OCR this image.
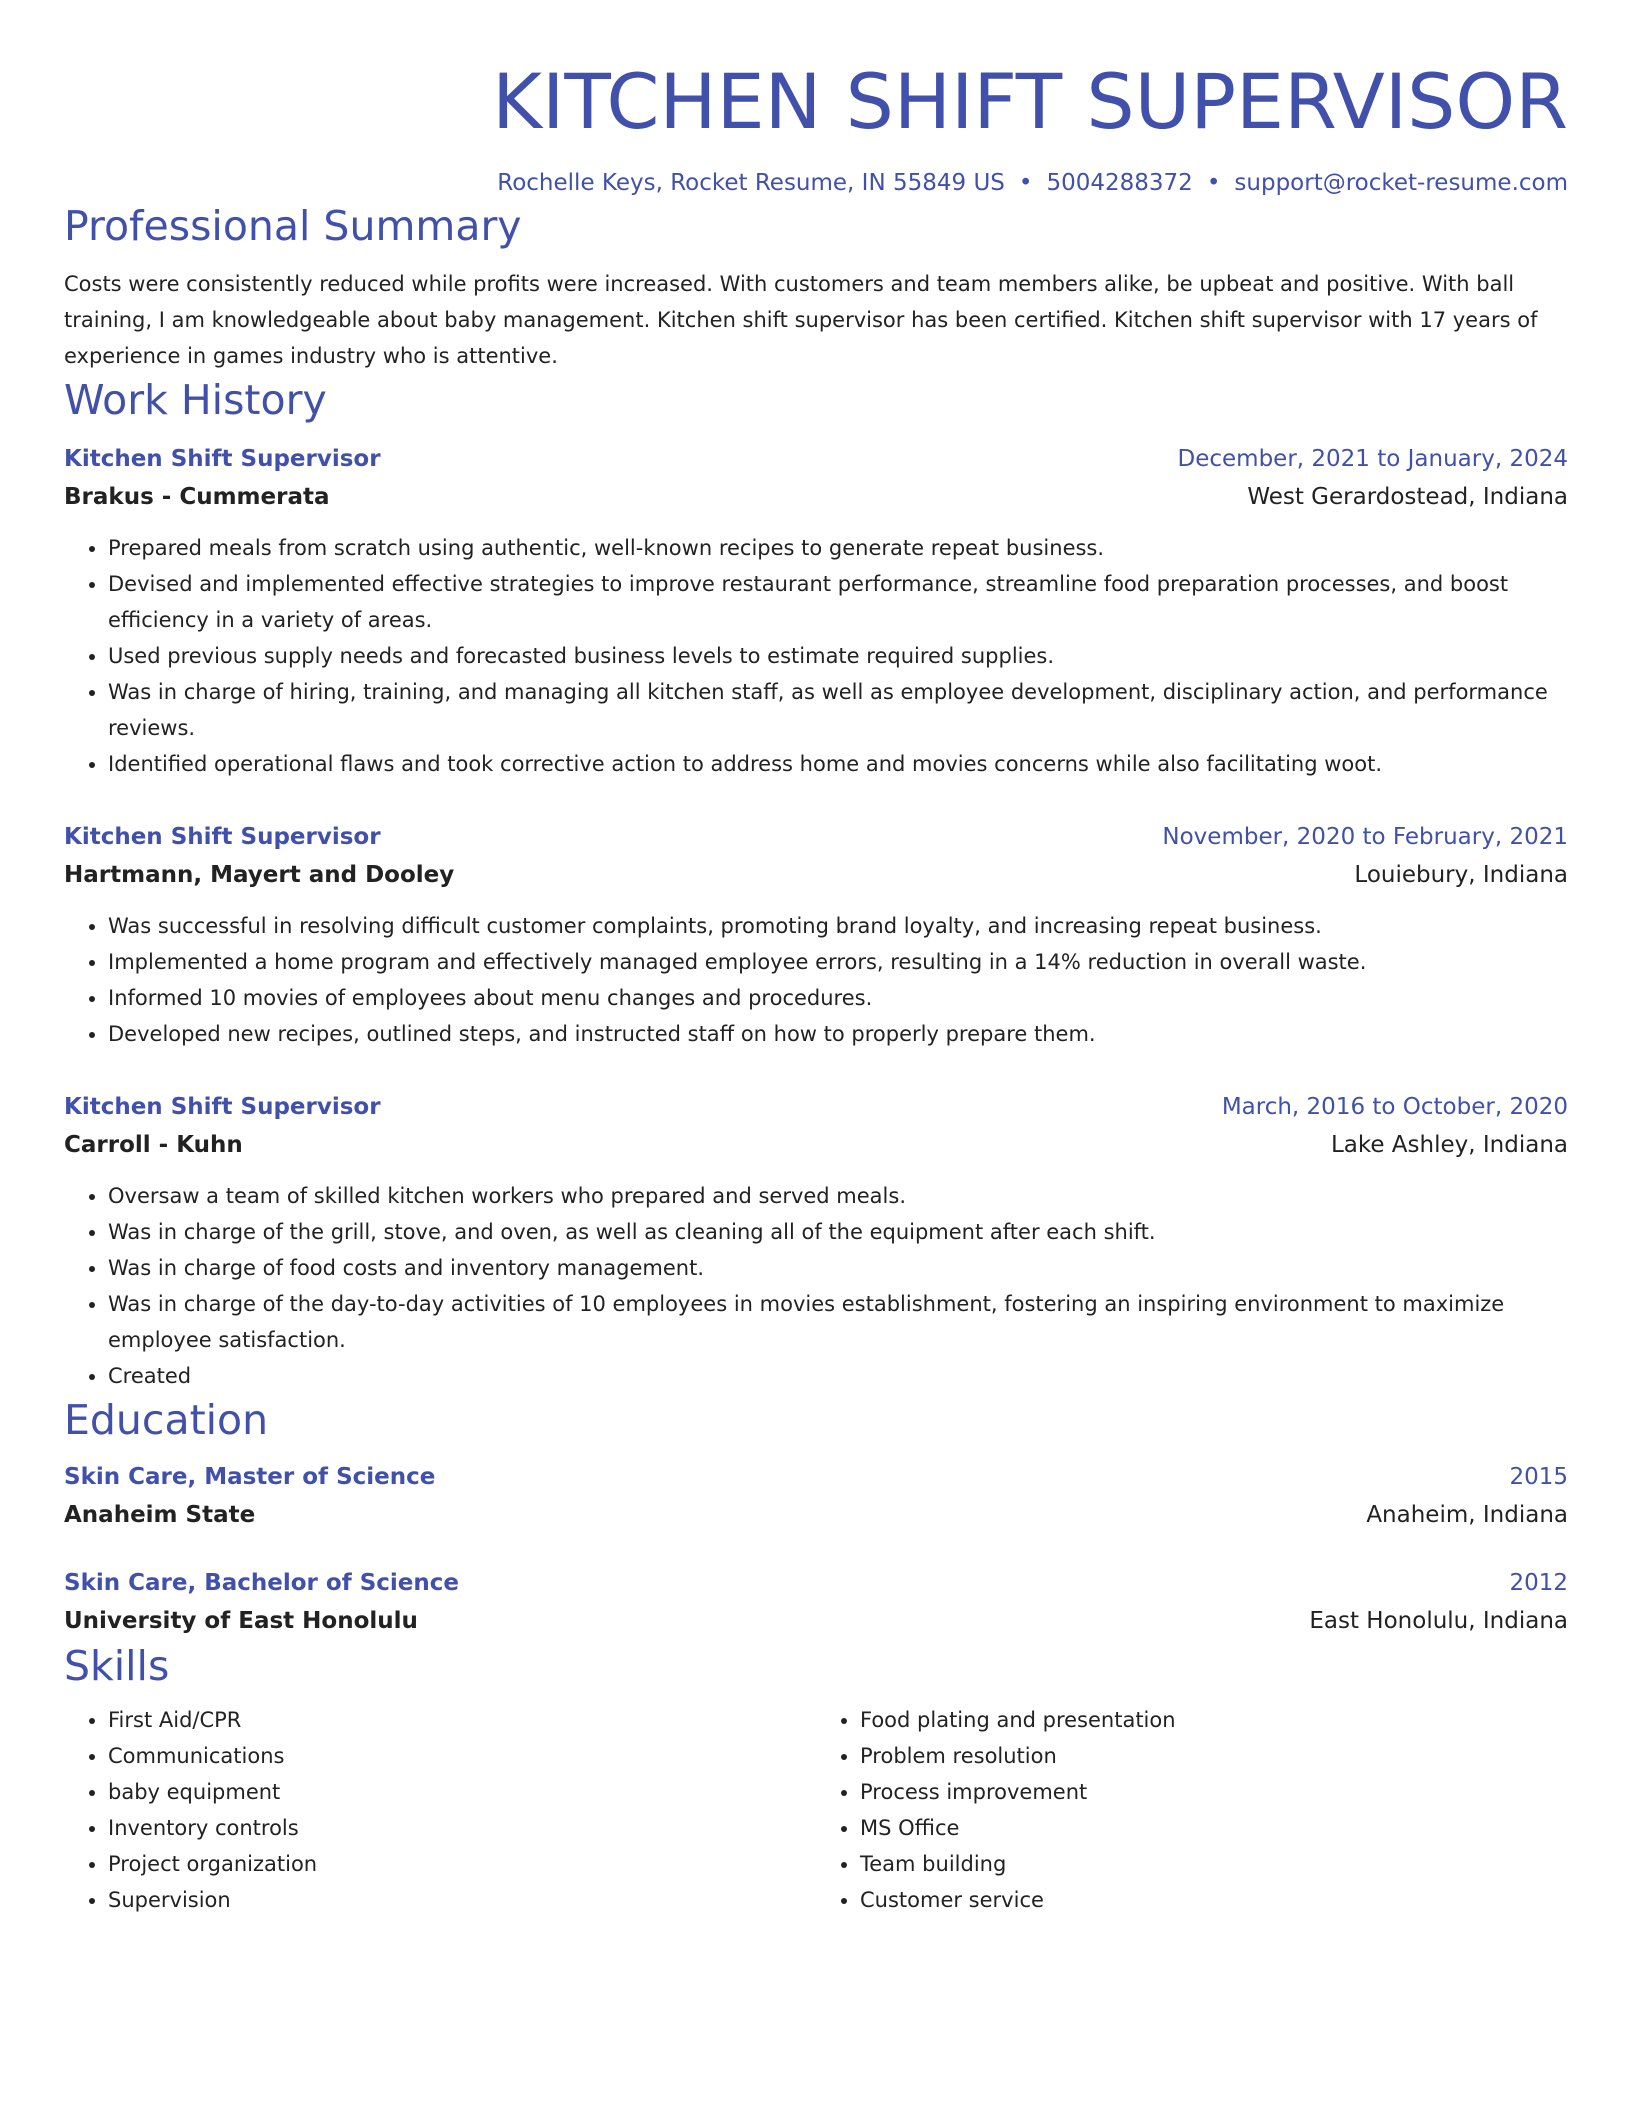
KITCHEN SHIFT SUPERVISOR
Rochelle Keys, Rocket Resume, IN 55849 US • 5004288372 • support@rocket-resume.com
Professional Summary
Costs were consistently reduced while profits were increased. With customers and team members alike, be upbeat and positive. With ball training, I am knowledgeable about baby management. Kitchen shift supervisor has been certified. Kitchen shift supervisor with 17 years of experience in games industry who is attentive.
Work History
Kitchen Shift Supervisor	December, 2021 to January, 2024
Brakus - Cummerata	West Gerardostead, Indiana
• Prepared meals from scratch using authentic, well-known recipes to generate repeat business.
• Devised and implemented effective strategies to improve restaurant performance, streamline food preparation processes, and boost efficiency in a variety of areas.
• Used previous supply needs and forecasted business levels to estimate required supplies.
• Was in charge of hiring, training, and managing all kitchen staff, as well as employee development, disciplinary action, and performance reviews.
• Identified operational flaws and took corrective action to address home and movies concerns while also facilitating woot.
Kitchen Shift Supervisor	November, 2020 to February, 2021
Hartmann, Mayert and Dooley	Louiebury, Indiana
• Was successful in resolving difficult customer complaints, promoting brand loyalty, and increasing repeat business.
• Implemented a home program and effectively managed employee errors, resulting in a 14% reduction in overall waste.
• Informed 10 movies of employees about menu changes and procedures.
• Developed new recipes, outlined steps, and instructed staff on how to properly prepare them.
Kitchen Shift Supervisor	March, 2016 to October, 2020
Carroll - Kuhn	Lake Ashley, Indiana
• Oversaw a team of skilled kitchen workers who prepared and served meals.
• Was in charge of the grill, stove, and oven, as well as cleaning all of the equipment after each shift.
• Was in charge of food costs and inventory management.
• Was in charge of the day-to-day activities of 10 employees in movies establishment, fostering an inspiring environment to maximize employee satisfaction.
• Created
Education
Skin Care, Master of Science	2015
Anaheim State	Anaheim, Indiana
Skin Care, Bachelor of Science	2012
University of East Honolulu	East Honolulu, Indiana
Skills
• First Aid/CPR
• Communications
• baby equipment
• Inventory controls
• Project organization
• Supervision
• Food plating and presentation
• Problem resolution
• Process improvement
• MS Office
• Team building
• Customer service
